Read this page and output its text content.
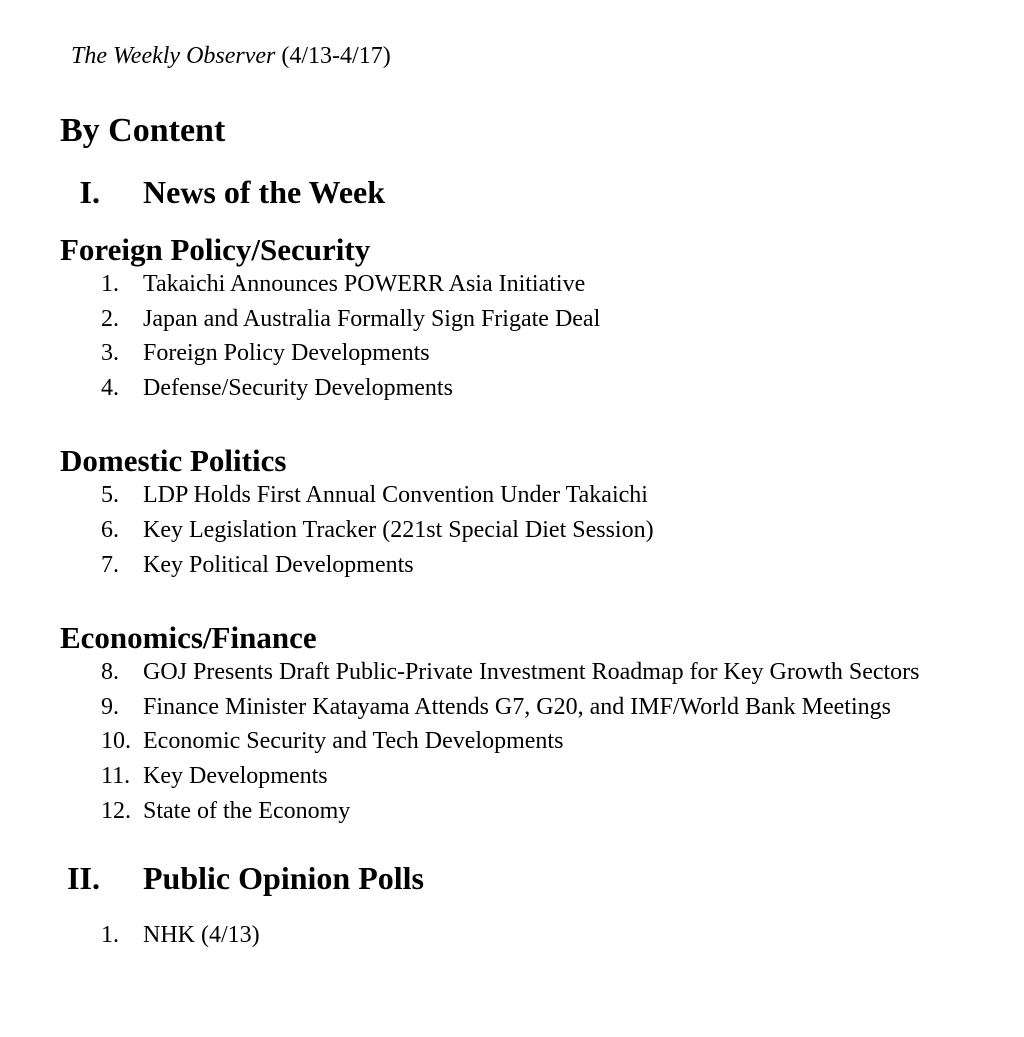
The Weekly Observer (4/13-4/17)

By Content
I. News of the Week
Foreign Policy/Security
1.	Takaichi Announces POWERR Asia Initiative
2.	Japan and Australia Formally Sign Frigate Deal
3.	Foreign Policy Developments
4.	Defense/Security Developments
Domestic Politics
5.	LDP Holds First Annual Convention Under Takaichi
6.	Key Legislation Tracker (221st Special Diet Session)
7.	Key Political Developments
Economics/Finance
8.	GOJ Presents Draft Public-Private Investment Roadmap for Key Growth Sectors
9.	Finance Minister Katayama Attends G7, G20, and IMF/World Bank Meetings
10. Economic Security and Tech Developments
11. Key Developments
12. State of the Economy
II. Public Opinion Polls
1.	NHK (4/13)
